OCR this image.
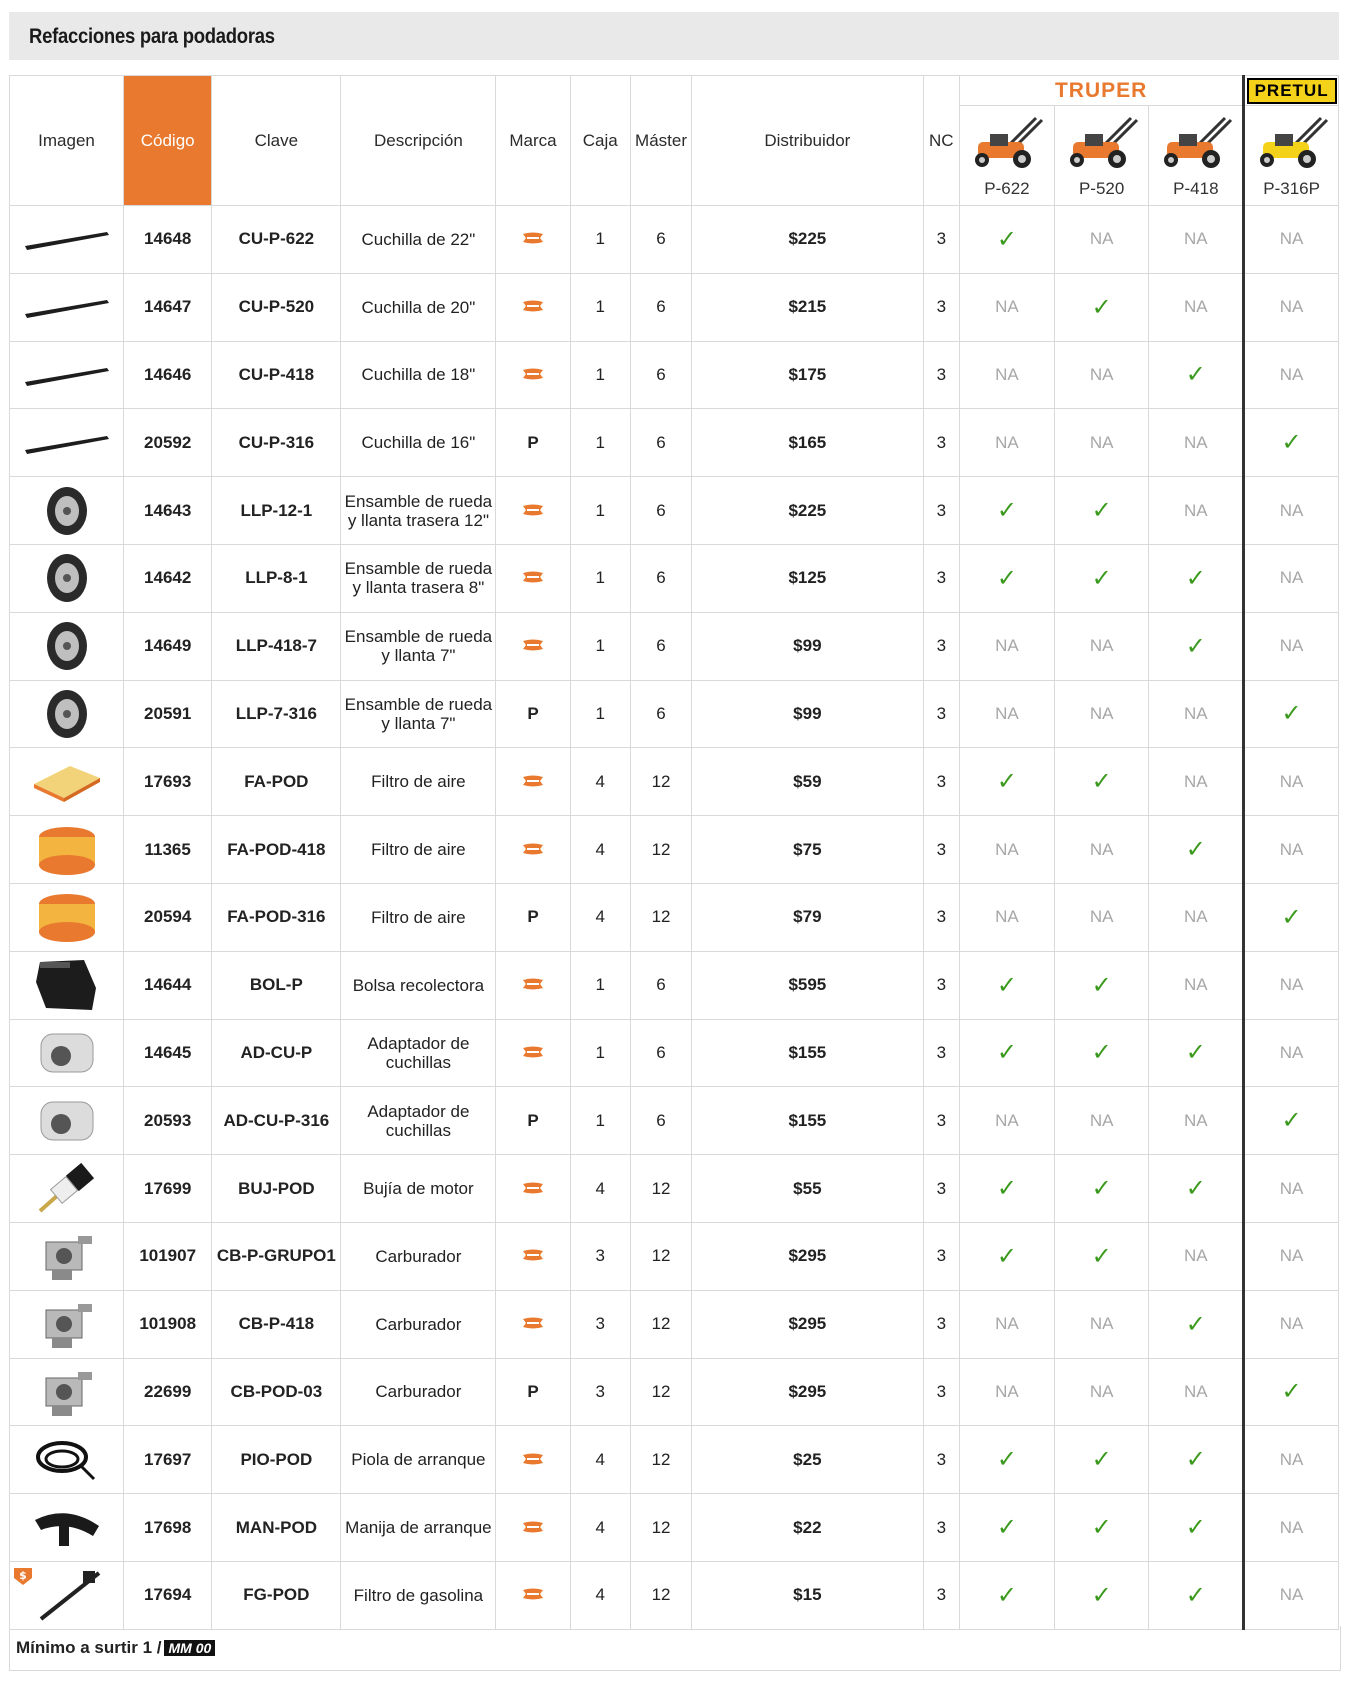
Refacciones para podadoras
Imagen	Código	Clave	Descripción	Marca	Caja	Máster	Distribuidor	NC	TRUPER			PRETUL

									P-622	P-520	P-418	P-316P

	14648	CU-P-622	Cuchilla de 22"		1	6	$225	3	✓	NA	NA	NA

	14647	CU-P-520	Cuchilla de 20"		1	6	$215	3	NA	✓	NA	NA

	14646	CU-P-418	Cuchilla de 18"		1	6	$175	3	NA	NA	✓	NA

	20592	CU-P-316	Cuchilla de 16"	P	1	6	$165	3	NA	NA	NA	✓

	14643	LLP-12-1	Ensamble de rueda y llanta trasera 12"		1	6	$225	3	✓	✓	NA	NA

	14642	LLP-8-1	Ensamble de rueda y llanta trasera 8"		1	6	$125	3	✓	✓	✓	NA

	14649	LLP-418-7	Ensamble de rueda y llanta 7"		1	6	$99	3	NA	NA	✓	NA

	20591	LLP-7-316	Ensamble de rueda y llanta 7"	P	1	6	$99	3	NA	NA	NA	✓

	17693	FA-POD	Filtro de aire		4	12	$59	3	✓	✓	NA	NA

	11365	FA-POD-418	Filtro de aire		4	12	$75	3	NA	NA	✓	NA

	20594	FA-POD-316	Filtro de aire	P	4	12	$79	3	NA	NA	NA	✓

	14644	BOL-P	Bolsa recolectora		1	6	$595	3	✓	✓	NA	NA

	14645	AD-CU-P	Adaptador de cuchillas		1	6	$155	3	✓	✓	✓	NA

	20593	AD-CU-P-316	Adaptador de cuchillas	P	1	6	$155	3	NA	NA	NA	✓

	17699	BUJ-POD	Bujía de motor		4	12	$55	3	✓	✓	✓	NA

	101907	CB-P-GRUPO1	Carburador		3	12	$295	3	✓	✓	NA	NA

	101908	CB-P-418	Carburador		3	12	$295	3	NA	NA	✓	NA

	22699	CB-POD-03	Carburador	P	3	12	$295	3	NA	NA	NA	✓

	17697	PIO-POD	Piola de arranque		4	12	$25	3	✓	✓	✓	NA

	17698	MAN-POD	Manija de arranque		4	12	$22	3	✓	✓	✓	NA

$	17694	FG-POD	Filtro de gasolina		4	12	$15	3	✓	✓	✓	NA
Mínimo a surtir 1 / MM 00
